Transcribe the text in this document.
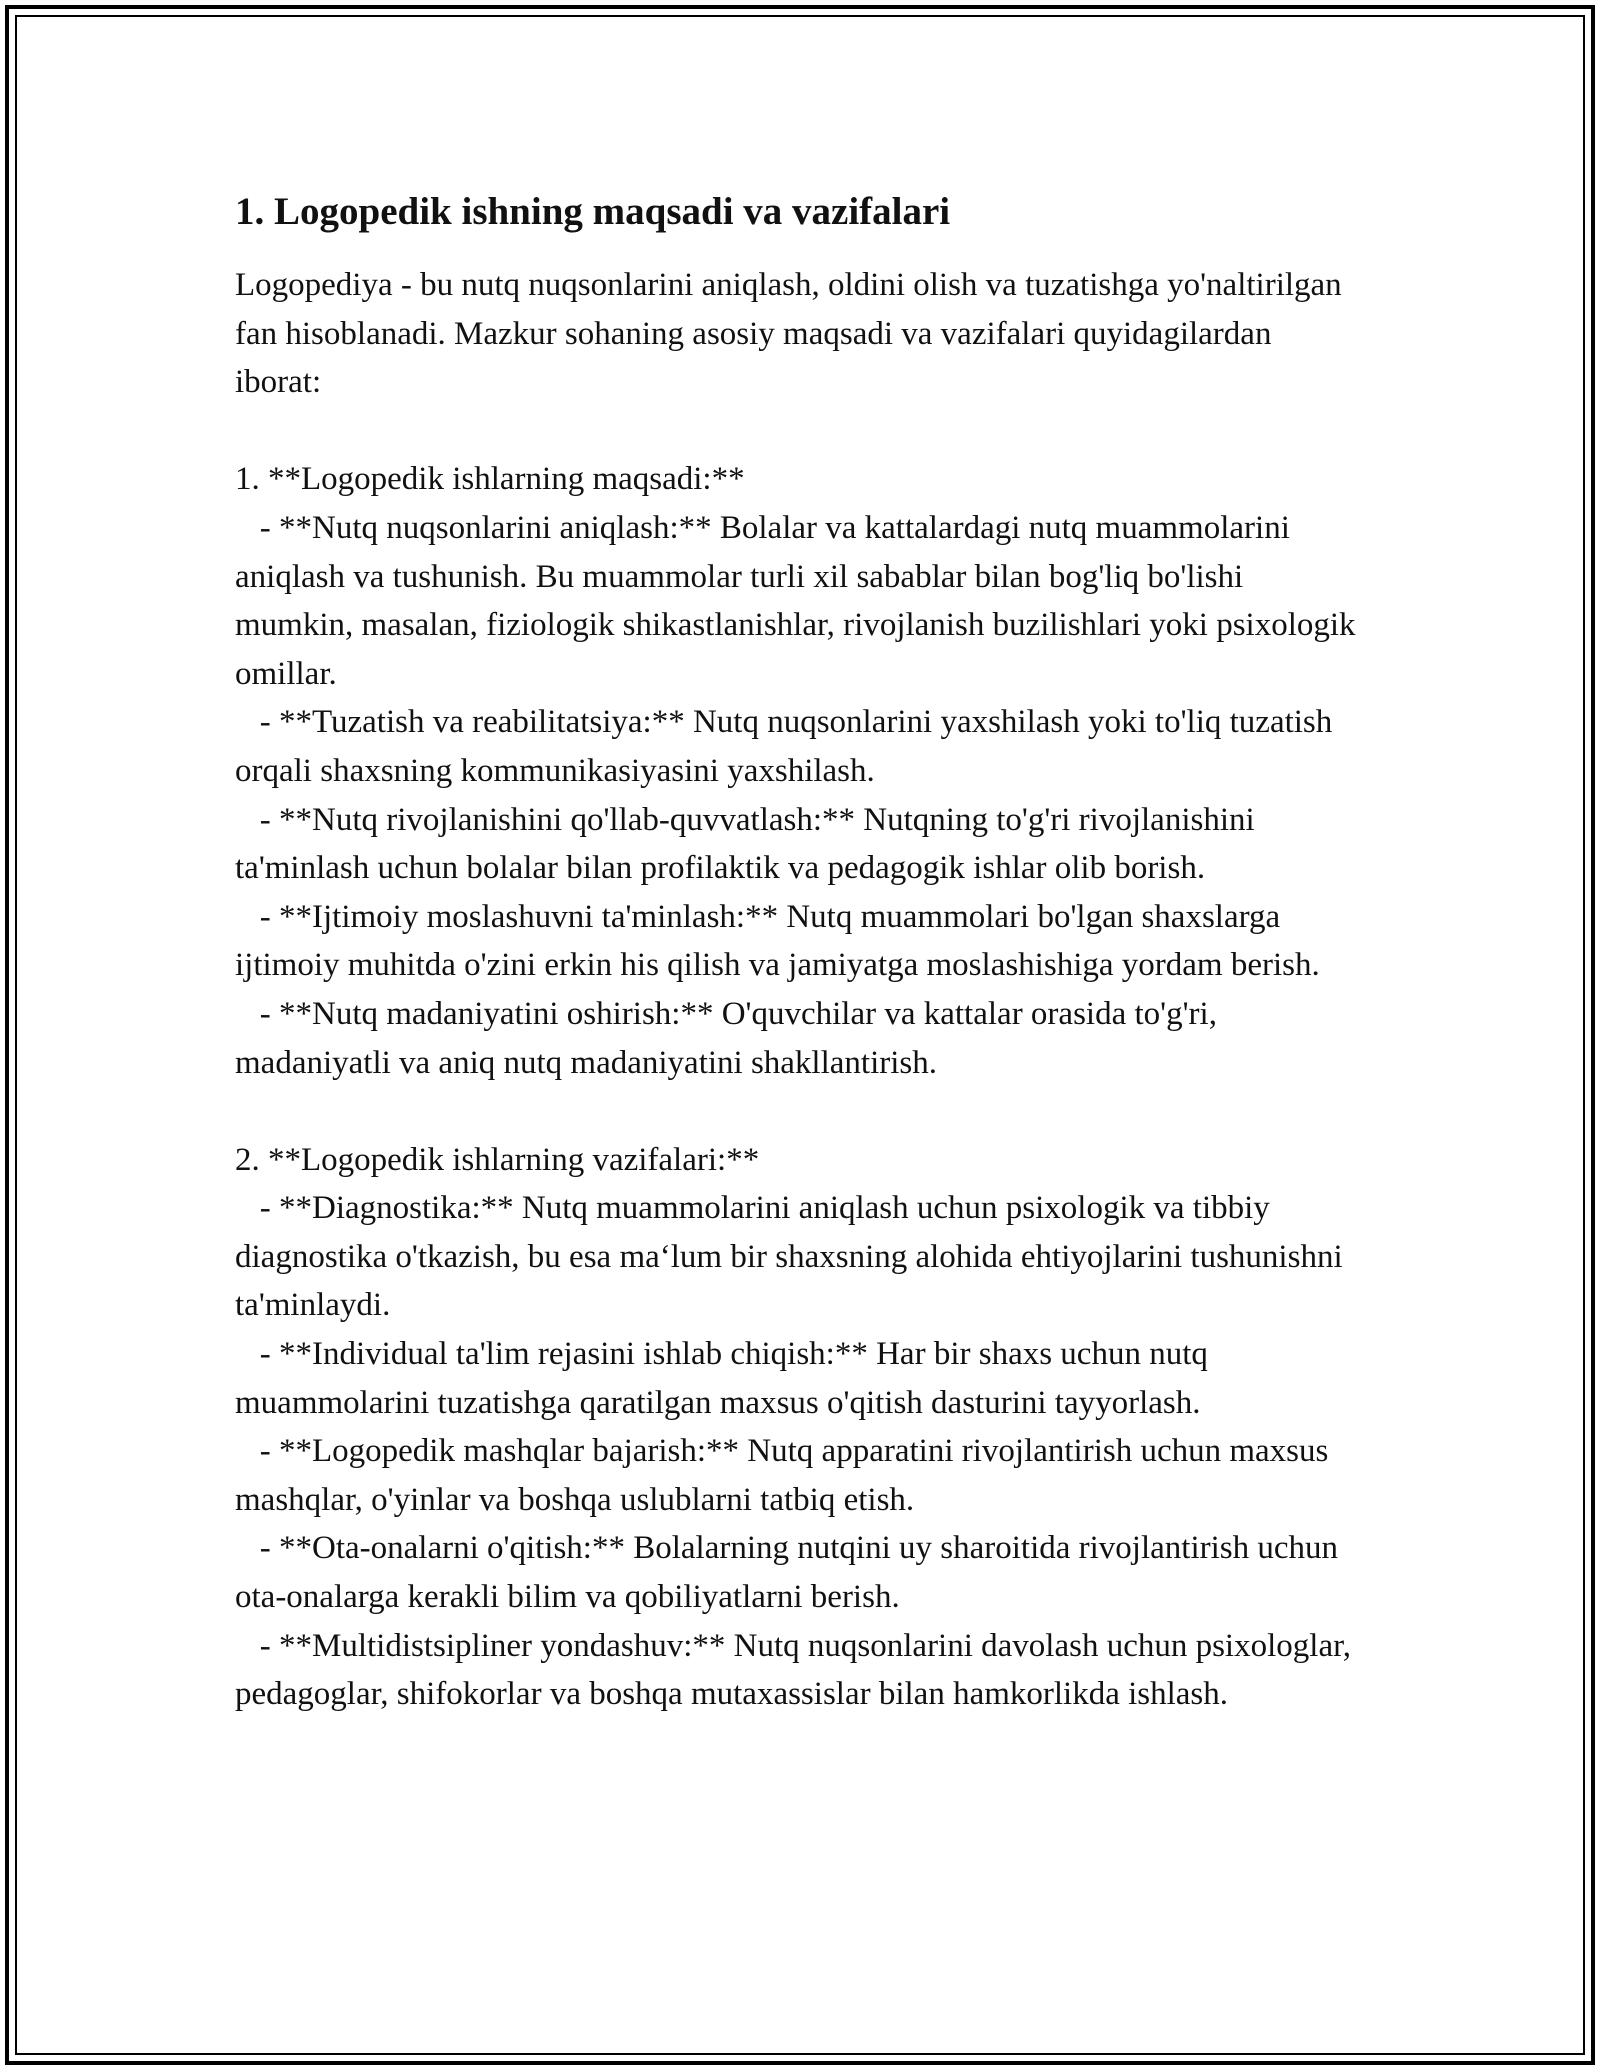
1. Logopedik ishning maqsadi va vazifalari

Logopediya - bu nutq nuqsonlarini aniqlash, oldini olish va tuzatishga yo'naltirilgan fan hisoblanadi. Mazkur sohaning asosiy maqsadi va vazifalari quyidagilardan iborat:

1. **Logopedik ishlarning maqsadi:**
- **Nutq nuqsonlarini aniqlash:** Bolalar va kattalardagi nutq muammolarini aniqlash va tushunish. Bu muammolar turli xil sabablar bilan bog'liq bo'lishi mumkin, masalan, fiziologik shikastlanishlar, rivojlanish buzilishlari yoki psixologik omillar.
- **Tuzatish va reabilitatsiya:** Nutq nuqsonlarini yaxshilash yoki to'liq tuzatish orqali shaxsning kommunikasiyasini yaxshilash.
- **Nutq rivojlanishini qo'llab-quvvatlash:** Nutqning to'g'ri rivojlanishini ta'minlash uchun bolalar bilan profilaktik va pedagogik ishlar olib borish.
- **Ijtimoiy moslashuvni ta'minlash:** Nutq muammolari bo'lgan shaxslarga ijtimoiy muhitda o'zini erkin his qilish va jamiyatga moslashishiga yordam berish.
- **Nutq madaniyatini oshirish:** O'quvchilar va kattalar orasida to'g'ri, madaniyatli va aniq nutq madaniyatini shakllantirish.
2. **Logopedik ishlarning vazifalari:**
- **Diagnostika:** Nutq muammolarini aniqlash uchun psixologik va tibbiy diagnostika o'tkazish, bu esa maʻlum bir shaxsning alohida ehtiyojlarini tushunishni ta'minlaydi.
- **Individual ta'lim rejasini ishlab chiqish:** Har bir shaxs uchun nutq muammolarini tuzatishga qaratilgan maxsus o'qitish dasturini tayyorlash.
- **Logopedik mashqlar bajarish:** Nutq apparatini rivojlantirish uchun maxsus mashqlar, o'yinlar va boshqa uslublarni tatbiq etish.
- **Ota-onalarni o'qitish:** Bolalarning nutqini uy sharoitida rivojlantirish uchun ota-onalarga kerakli bilim va qobiliyatlarni berish.
- **Multidistsipliner yondashuv:** Nutq nuqsonlarini davolash uchun psixologlar, pedagoglar, shifokorlar va boshqa mutaxassislar bilan hamkorlikda ishlash.
